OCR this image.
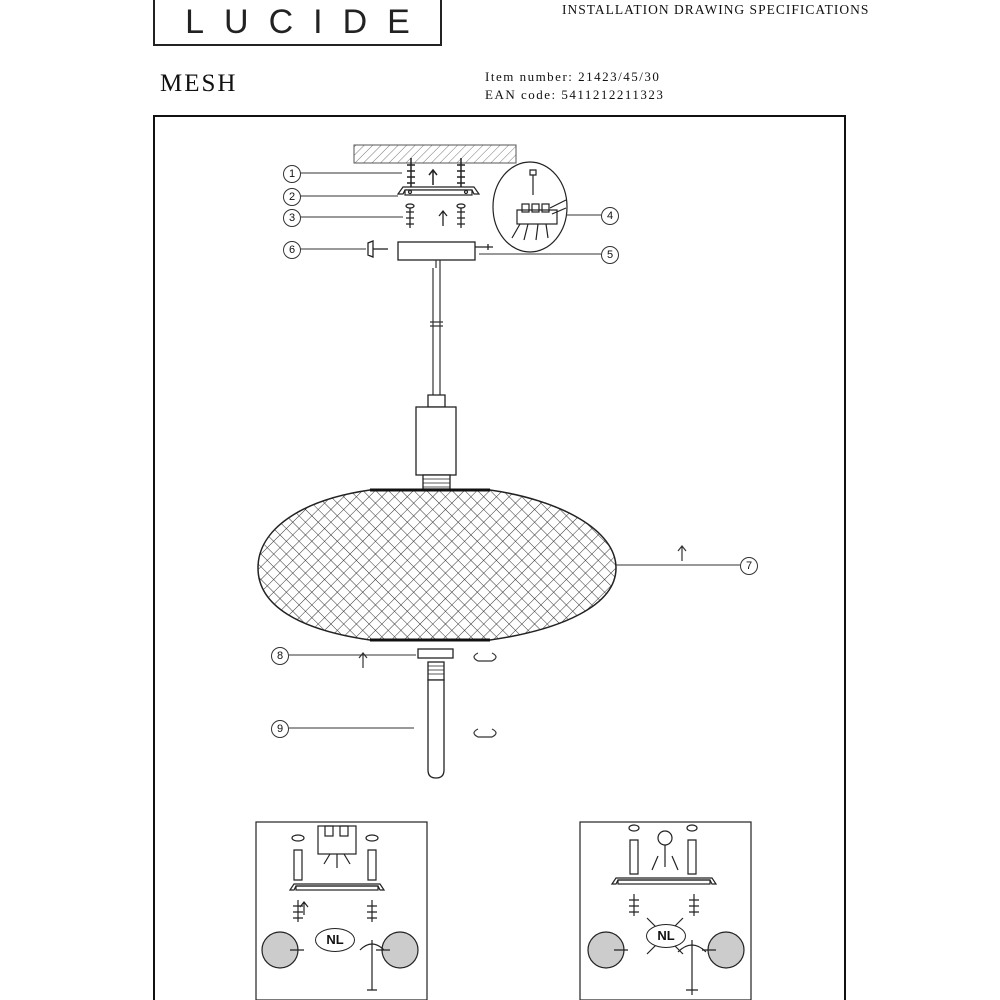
LUCIDE	INSTALLATION DRAWING SPECIFICATIONS
MESH	Item number: 21423/45/30
EAN code: 5411212211323
1
2
3	4
5
6
7
8
9
NL	NL
